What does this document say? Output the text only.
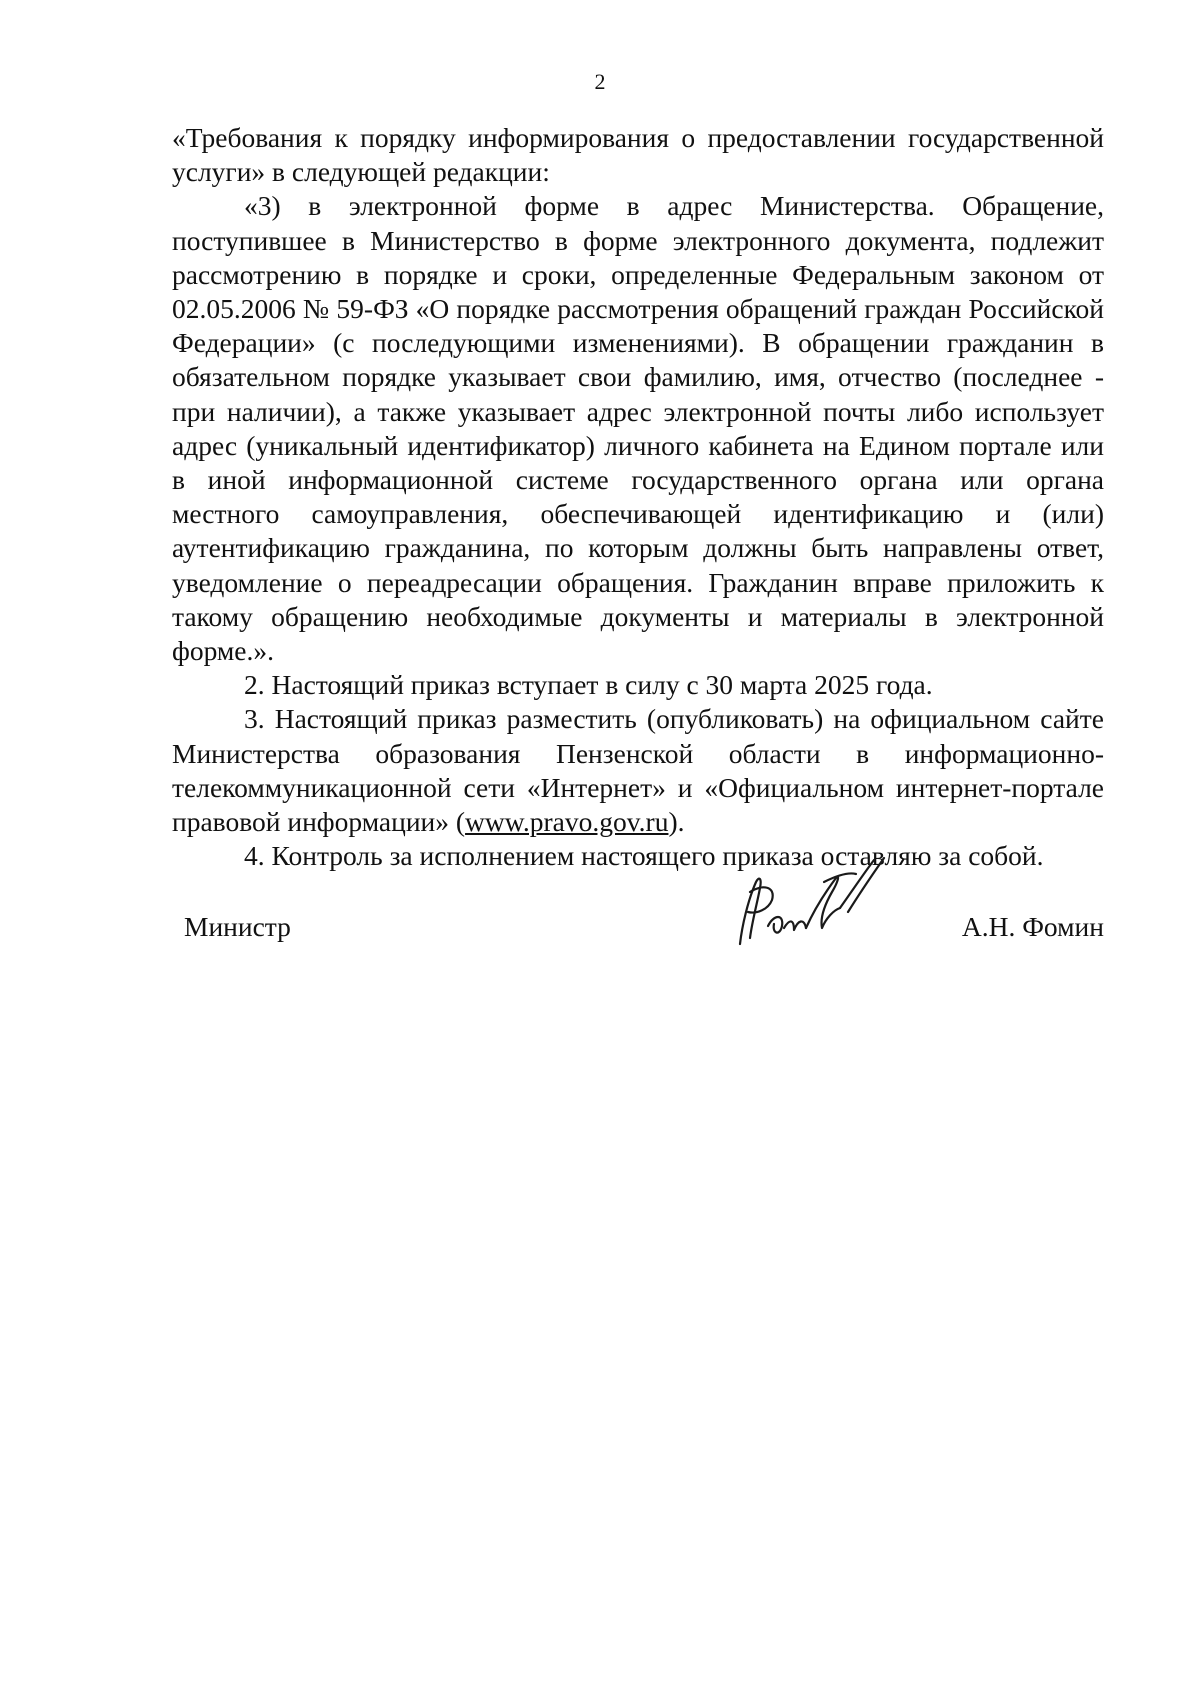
2

«Требования к порядку информирования о предоставлении государственной услуги» в следующей редакции:

«3) в электронной форме в адрес Министерства. Обращение, поступившее в Министерство в форме электронного документа, подлежит рассмотрению в порядке и сроки, определенные Федеральным законом от 02.05.2006 № 59-ФЗ «О порядке рассмотрения обращений граждан Российской Федерации» (с последующими изменениями). В обращении гражданин в обязательном порядке указывает свои фамилию, имя, отчество (последнее - при наличии), а также указывает адрес электронной почты либо использует адрес (уникальный идентификатор) личного кабинета на Едином портале или в иной информационной системе государственного органа или органа местного самоуправления, обеспечивающей идентификацию и (или) аутентификацию гражданина, по которым должны быть направлены ответ, уведомление о переадресации обращения. Гражданин вправе приложить к такому обращению необходимые документы и материалы в электронной форме.».

2. Настоящий приказ вступает в силу с 30 марта 2025 года.

3. Настоящий приказ разместить (опубликовать) на официальном сайте Министерства образования Пензенской области в информационно-телекоммуникационной сети «Интернет» и «Официальном интернет-портале правовой информации» (www.pravo.gov.ru).

4. Контроль за исполнением настоящего приказа оставляю за собой.

Министр	А.Н. Фомин
